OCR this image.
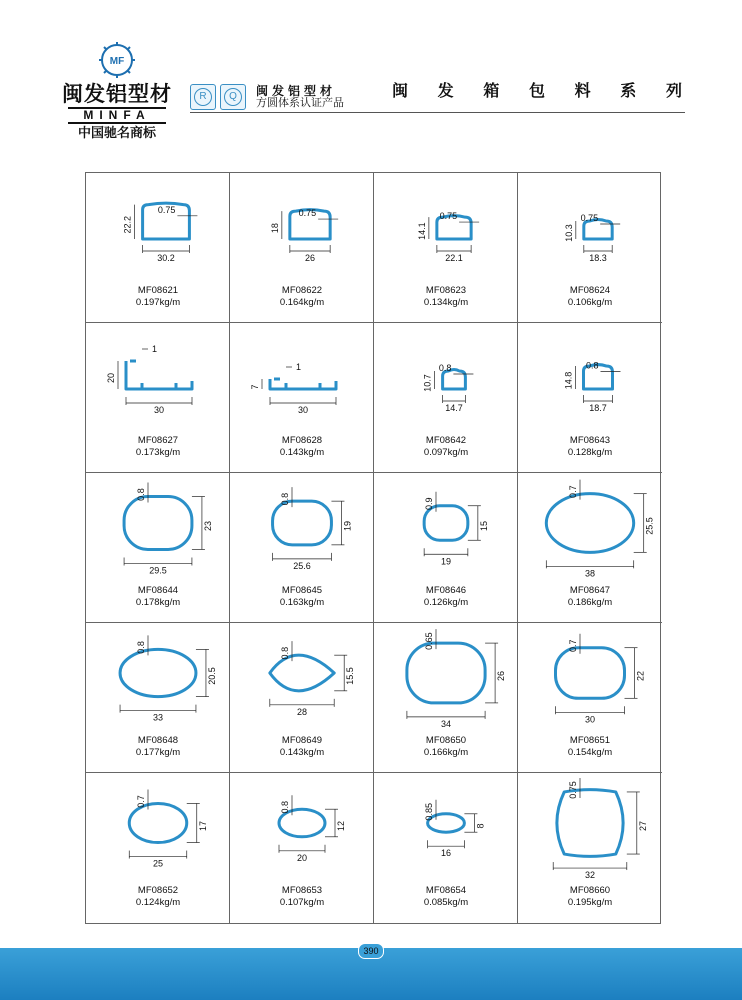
MF
闽发铝型材
MINFA
中国驰名商标
R	Q	闽发铝型材
方圆体系认证产品
闽 发 箱 包 料 系 列
22.2
30.2
0.75
MF08621
0.197kg/m
18
26
0.75
MF08622
0.164kg/m
14.1
22.1
0.75
MF08623
0.134kg/m
10.3
18.3
0.75
MF08624
0.106kg/m
20
30
1
MF08627
0.173kg/m
7
30
1
MF08628
0.143kg/m
10.7
14.7
0.8
MF08642
0.097kg/m
14.8
18.7
0.8
MF08643
0.128kg/m
23
29.5
0.8
MF08644
0.178kg/m
19
25.6
0.8
MF08645
0.163kg/m
15
19
0.9
MF08646
0.126kg/m
25.5
38
0.7
MF08647
0.186kg/m
20.5
33
0.8
MF08648
0.177kg/m
15.5
28
0.8
MF08649
0.143kg/m
26
34
0.65
MF08650
0.166kg/m
22
30
0.7
MF08651
0.154kg/m
17
25
0.7
MF08652
0.124kg/m
12
20
0.8
MF08653
0.107kg/m
8
16
0.85
MF08654
0.085kg/m
27
32
0.75
MF08660
0.195kg/m
390
